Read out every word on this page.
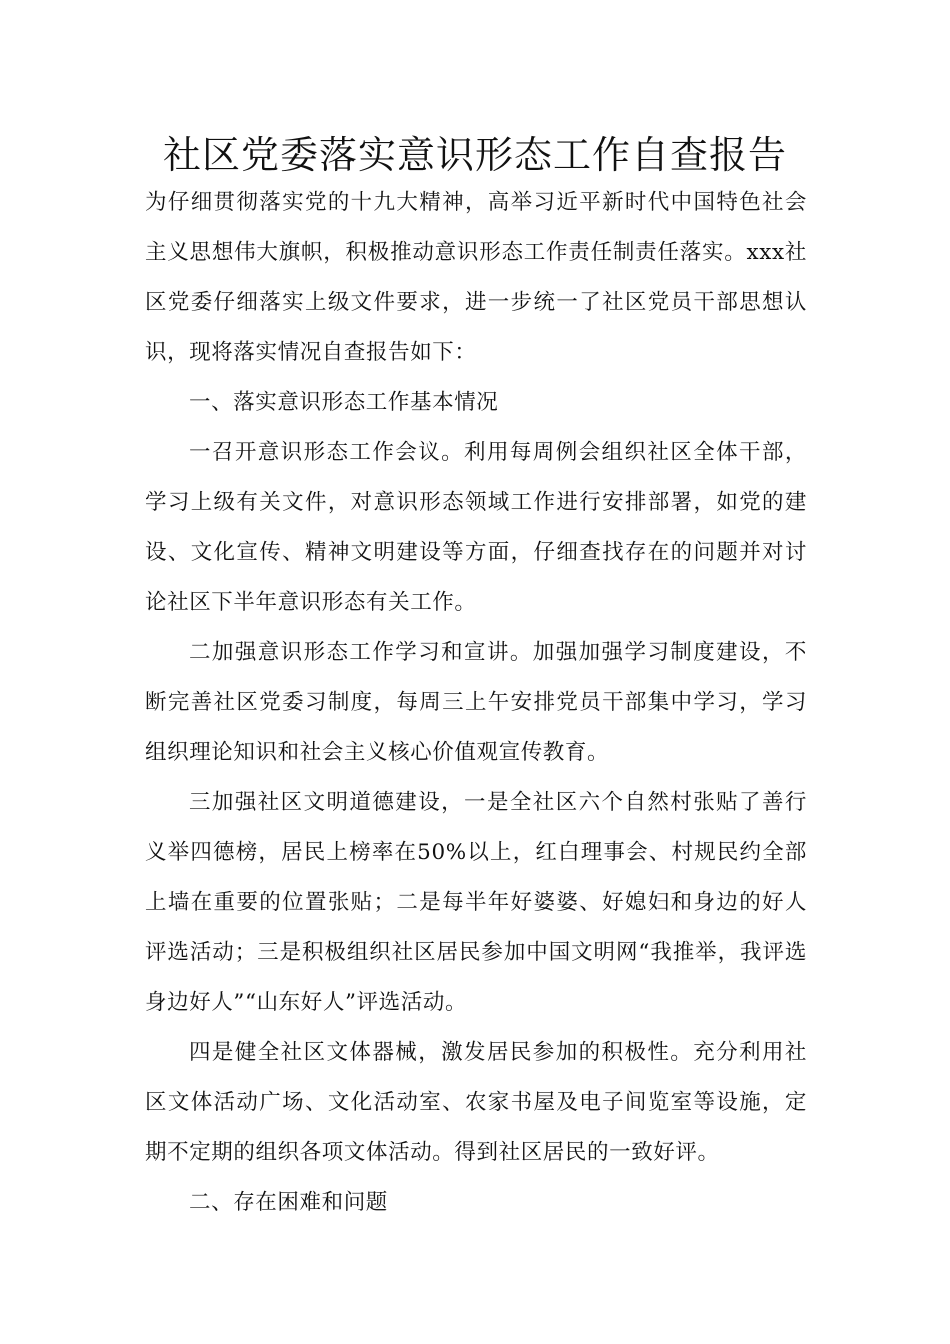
社区党委落实意识形态工作自查报告

为仔细贯彻落实党的十九大精神，高举习近平新时代中国特色社会主义思想伟大旗帜，积极推动意识形态工作责任制责任落实。xxx社区党委仔细落实上级文件要求，进一步统一了社区党员干部思想认识，现将落实情况自查报告如下：

一、落实意识形态工作基本情况

一召开意识形态工作会议。利用每周例会组织社区全体干部，学习上级有关文件，对意识形态领域工作进行安排部署，如党的建设、文化宣传、精神文明建设等方面，仔细查找存在的问题并对讨论社区下半年意识形态有关工作。

二加强意识形态工作学习和宣讲。加强加强学习制度建设，不断完善社区党委习制度，每周三上午安排党员干部集中学习，学习组织理论知识和社会主义核心价值观宣传教育。

三加强社区文明道德建设，一是全社区六个自然村张贴了善行义举四德榜，居民上榜率在50%以上，红白理事会、村规民约全部上墙在重要的位置张贴；二是每半年好婆婆、好媳妇和身边的好人评选活动；三是积极组织社区居民参加中国文明网“我推举，我评选身边好人”“山东好人”评选活动。

四是健全社区文体器械，激发居民参加的积极性。充分利用社区文体活动广场、文化活动室、农家书屋及电子间览室等设施，定期不定期的组织各项文体活动。得到社区居民的一致好评。

二、存在困难和问题
